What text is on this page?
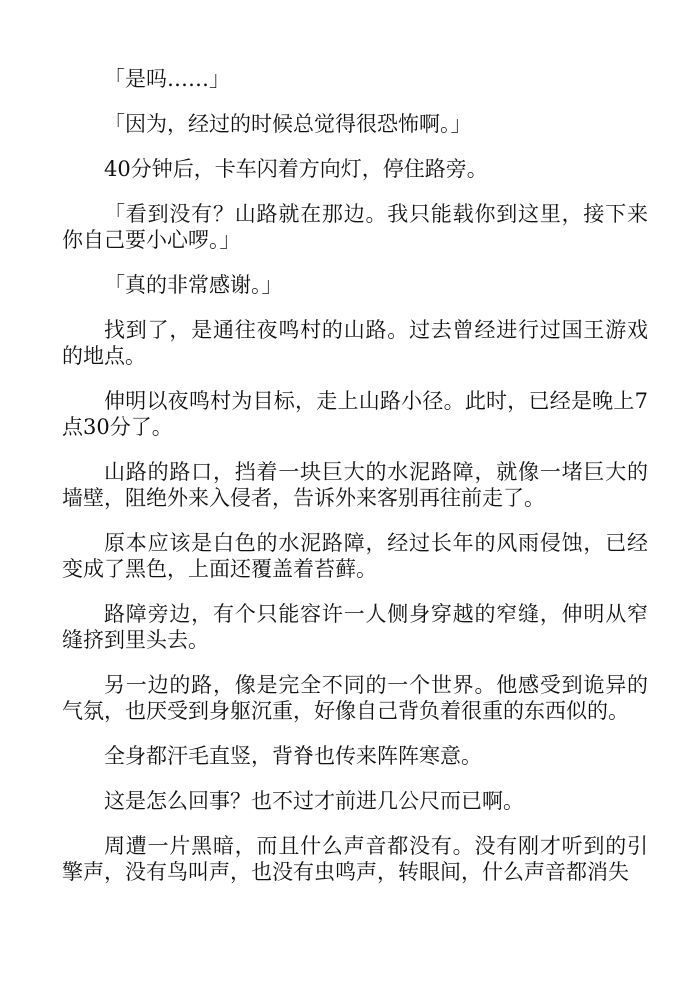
「是吗……」

「因为，经过的时候总觉得很恐怖啊。」

40分钟后，卡车闪着方向灯，停住路旁。

「看到没有？山路就在那边。我只能载你到这里，接下来你自己要小心啰。」

「真的非常感谢。」

找到了，是通往夜鸣村的山路。过去曾经进行过国王游戏的地点。

伸明以夜鸣村为目标，走上山路小径。此时，已经是晚上7点30分了。

山路的路口，挡着一块巨大的水泥路障，就像一堵巨大的墙壁，阻绝外来入侵者，告诉外来客别再往前走了。

原本应该是白色的水泥路障，经过长年的风雨侵蚀，已经变成了黑色，上面还覆盖着苔藓。

路障旁边，有个只能容许一人侧身穿越的窄缝，伸明从窄缝挤到里头去。

另一边的路，像是完全不同的一个世界。他感受到诡异的气氛，也厌受到身躯沉重，好像自己背负着很重的东西似的。

全身都汗毛直竖，背脊也传来阵阵寒意。

这是怎么回事？也不过才前进几公尺而已啊。

周遭一片黑暗，而且什么声音都没有。没有刚才听到的引擎声，没有鸟叫声，也没有虫鸣声，转眼间，什么声音都消失
